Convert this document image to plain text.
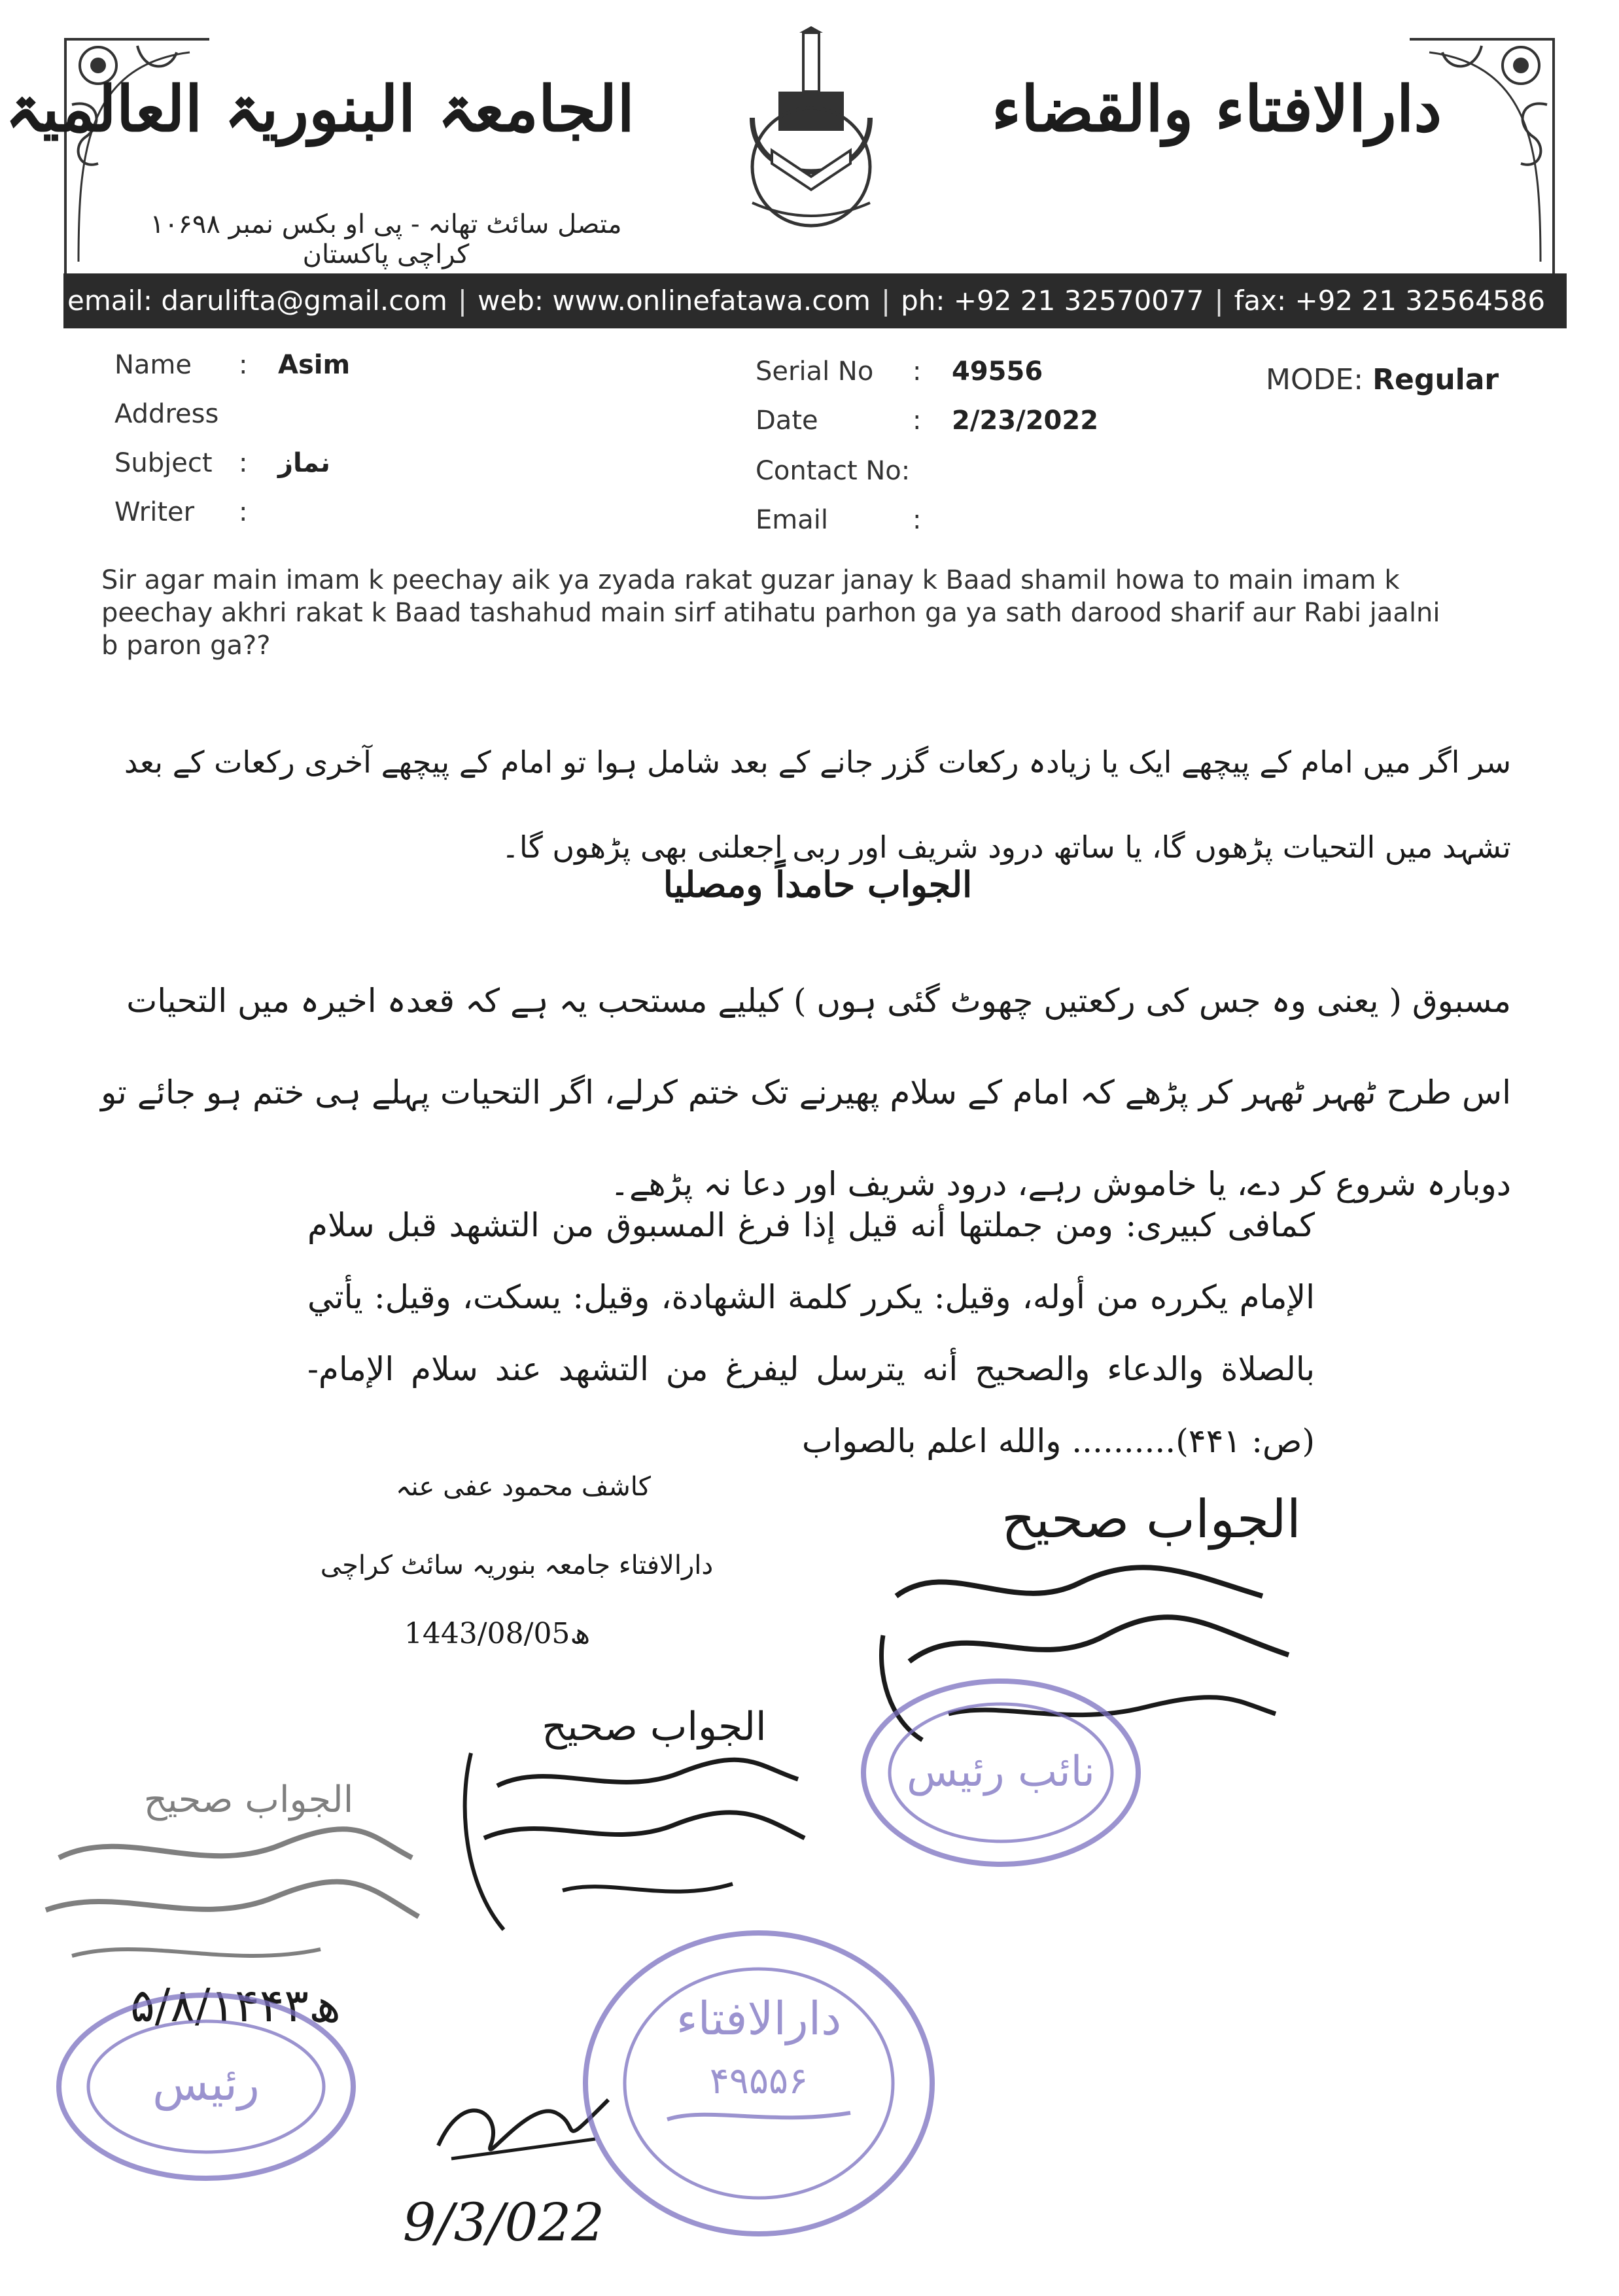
الجامعۃ البنوریۃ العالمیۃ	دارالافتاء والقضاء
متصل سائٹ تھانہ - پی او بکس نمبر ۱۰۶۹۸ کراچی پاکستان
email: darulifta@gmail.com | web: www.onlinefatawa.com | ph: +92 21 32570077 | fax: +92 21 32564586
Name : Asim
Address
Subject : نماز
Writer :
Serial No : 49556
Date	: 2/23/2022
Contact No:
Email	:
MODE: Regular
Sir agar main imam k peechay aik ya zyada rakat guzar janay k Baad shamil howa to main imam k peechay akhri rakat k Baad tashahud main sirf atihatu parhon ga ya sath darood sharif aur Rabi jaalni b paron ga??
سر اگر میں امام کے پیچھے ایک یا زیادہ رکعات گزر جانے کے بعد شامل ہوا تو امام کے پیچھے آخری رکعات کے بعد تشہد میں التحیات پڑھوں گا، یا ساتھ درود شریف اور ربی اجعلنی بھی پڑھوں گا۔
الجواب حامداً ومصلیا
مسبوق ( یعنی وہ جس کی رکعتیں چھوٹ گئی ہوں ) کیلیے مستحب یہ ہے کہ قعدہ اخیرہ میں التحیات اس طرح ٹھہر ٹھہر کر پڑھے کہ امام کے سلام پھیرنے تک ختم کرلے، اگر التحیات پہلے ہی ختم ہو جائے تو دوبارہ شروع کر دے، یا خاموش رہے، درود شریف اور دعا نہ پڑھے۔
کمافی کبیری: ومن جملتها أنه قيل إذا فرغ المسبوق من التشهد قبل سلام الإمام يكرره من أوله، وقيل: يكرر كلمة الشهادة، وقيل: يسكت، وقيل: يأتي بالصلاة والدعاء والصحيح أنه يترسل ليفرغ من التشهد عند سلام الإمام- (ص: ۴۴۱).......... والله اعلم بالصواب
کاشف محمود عفی عنہ
دارالافتاء جامعہ بنوریہ سائٹ کراچی
1443/08/05ھ
الجواب صحیح
الجواب صحیح
الجواب صحیح
۵/۸/۱۴۴۳ھ
9/3/022
نائب رئیس
رئیس
دارالافتاء
۴۹۵۵۶
